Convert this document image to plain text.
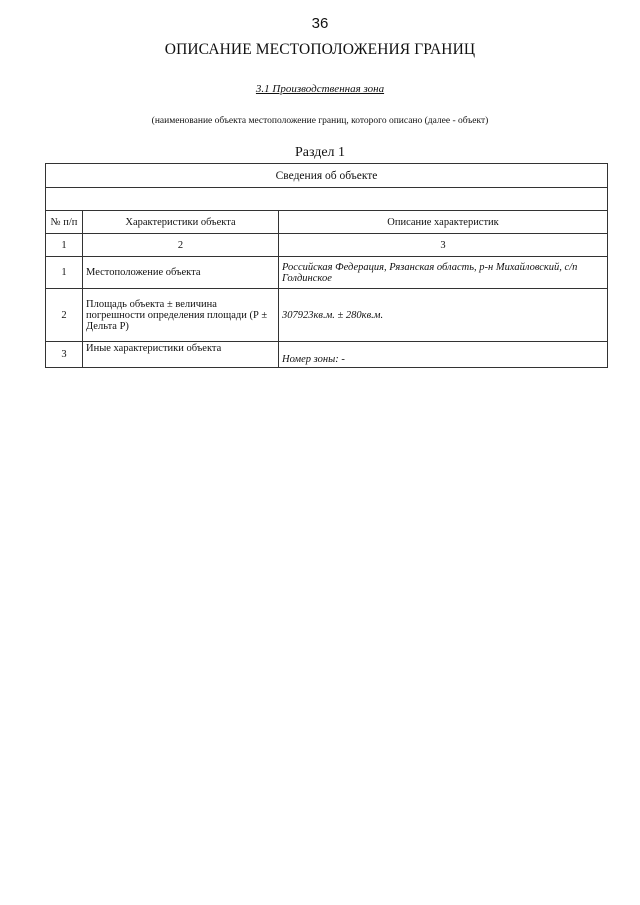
36
ОПИСАНИЕ МЕСТОПОЛОЖЕНИЯ ГРАНИЦ
3.1 Производственная зона
(наименование объекта местоположение границ, которого описано (далее - объект)
Раздел 1
Сведения об объекте		

№ п/п	Характеристики объекта	Описание характеристик
1	2	3
1	Местоположение объекта	Российская Федерация, Рязанская область, р-н Михайловский, с/п Голдинское
2	Площадь объекта ± величина погрешности определения площади (Р ± Дельта Р)	307923кв.м. ± 280кв.м.
3	Иные характеристики объекта	Номер зоны: -
